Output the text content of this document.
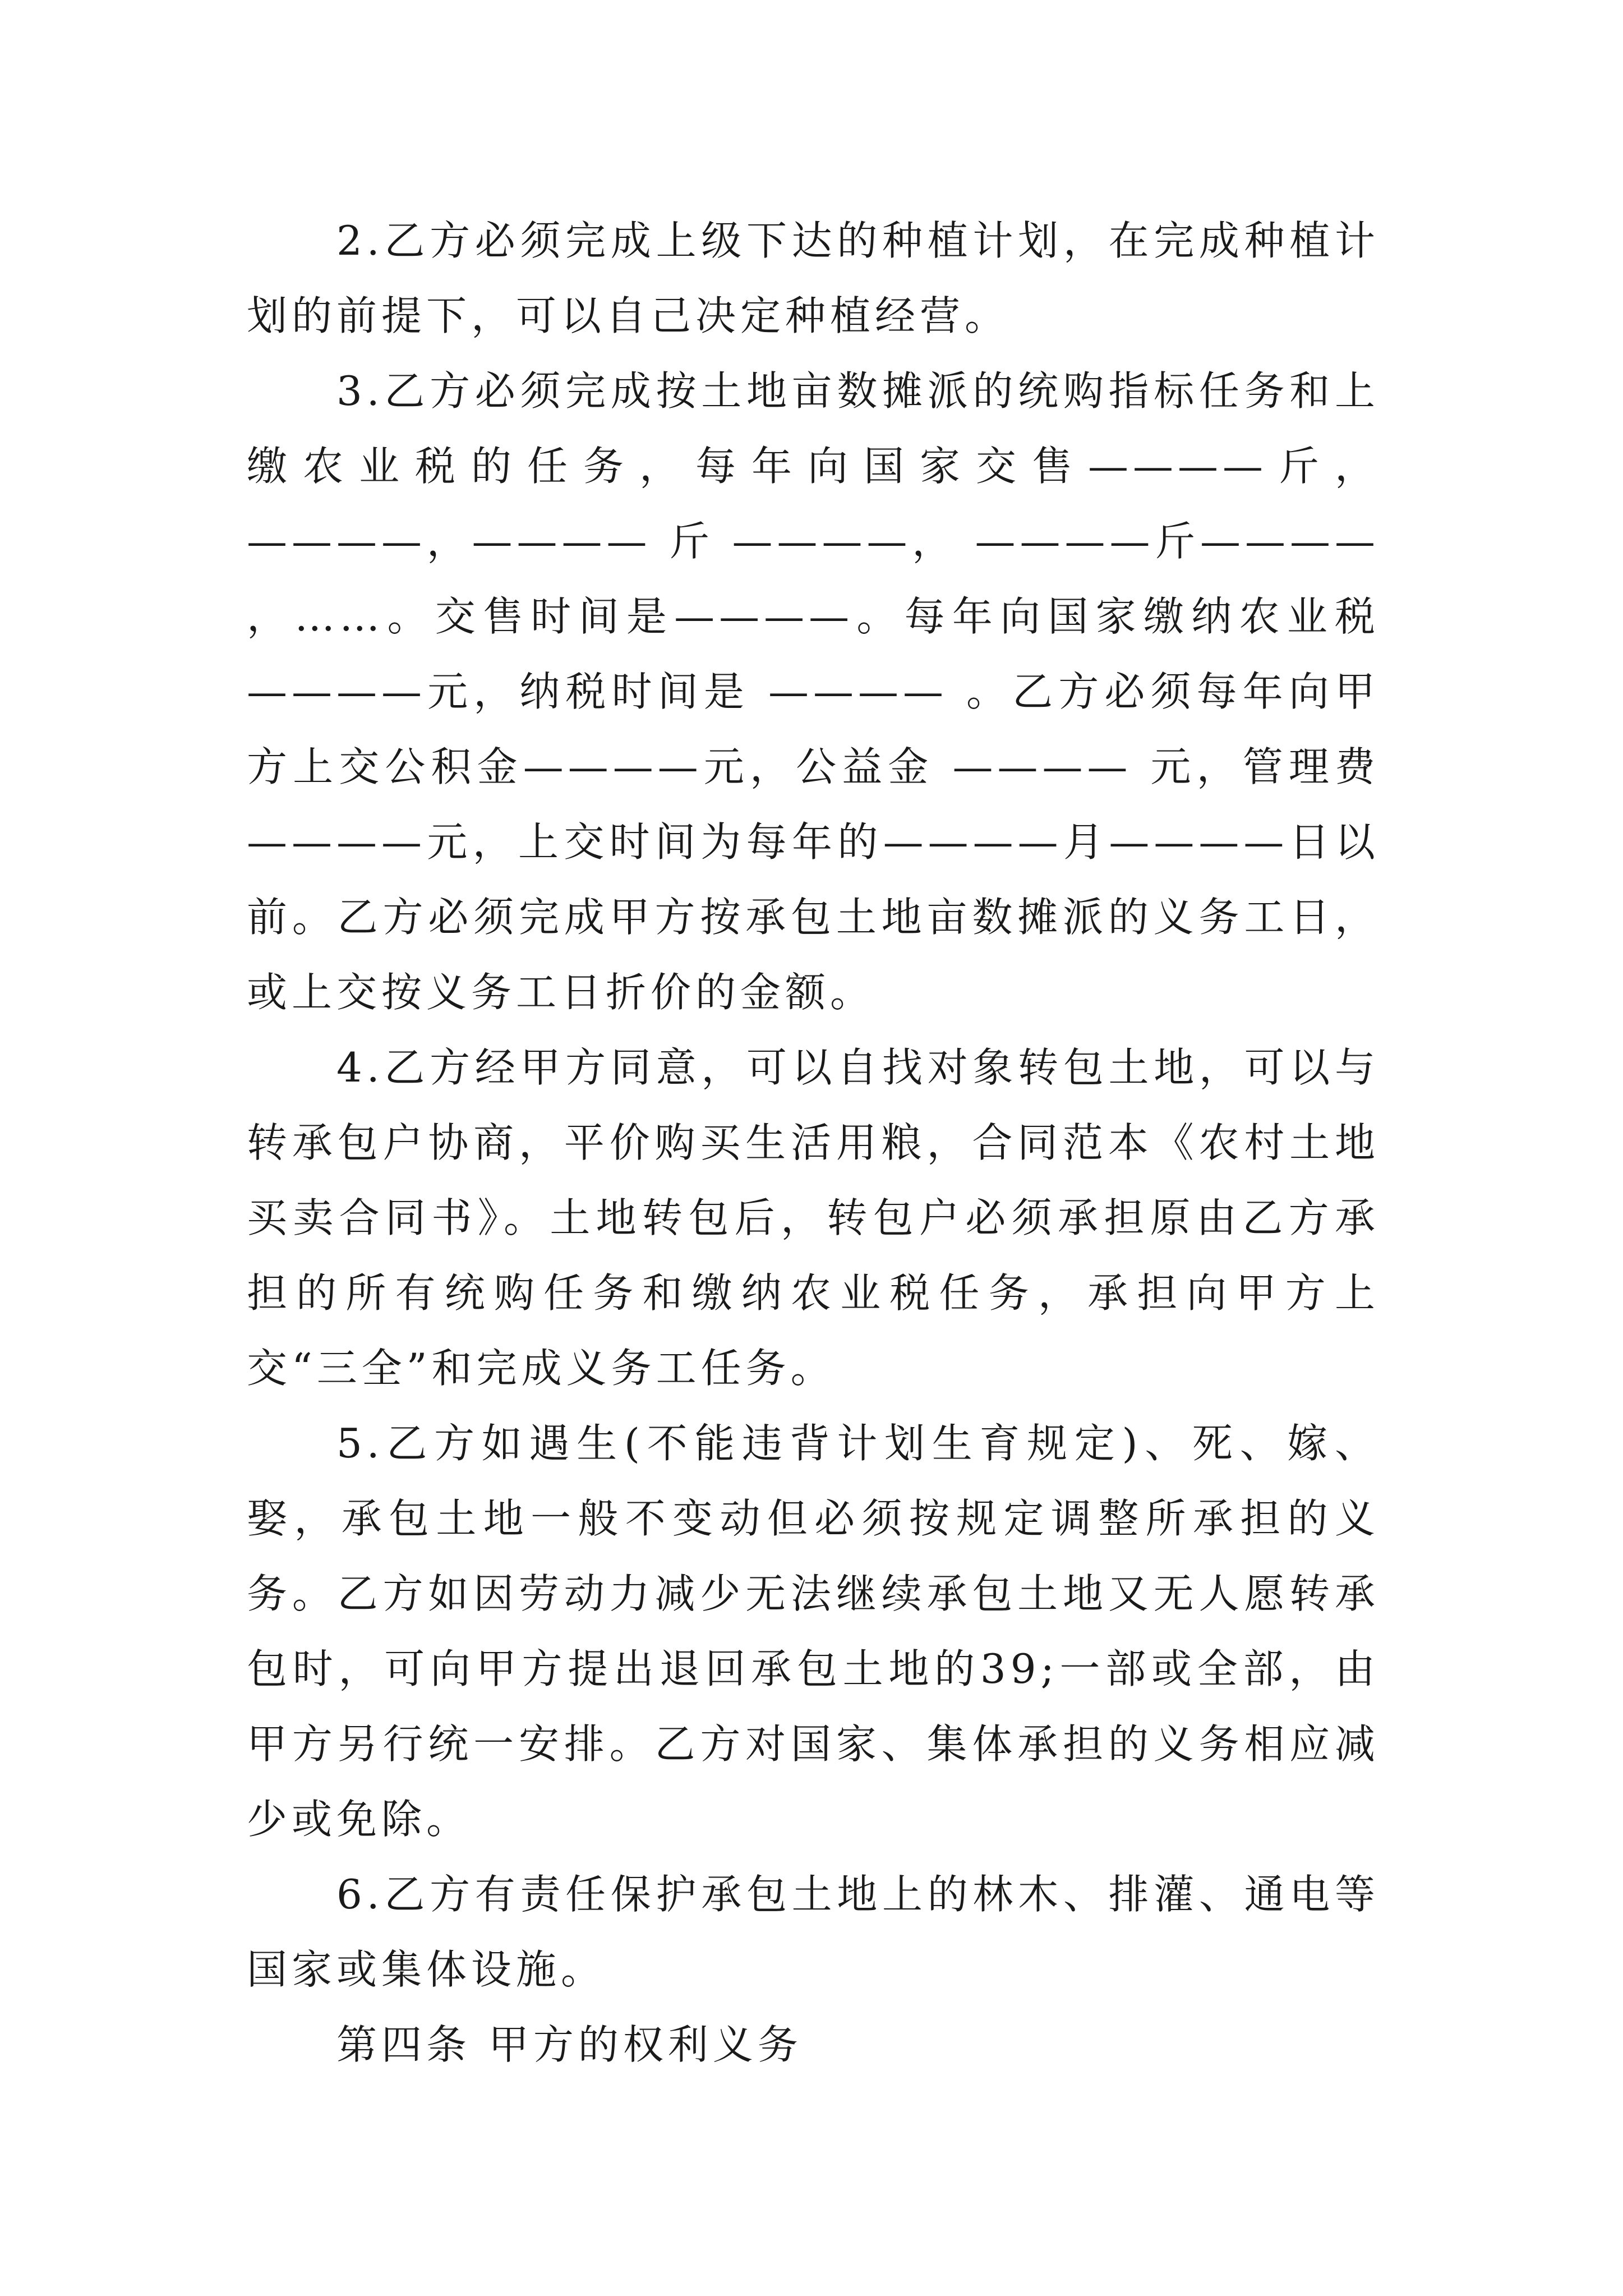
2.乙方必须完成上级下达的种植计划，在完成种植计划的前提下，可以自己决定种植经营。

3.乙方必须完成按土地亩数摊派的统购指标任务和上缴农业税的任务，每年向国家交售————斤， ————，———— 斤 ————， ————斤———— ，……。交售时间是————。每年向国家缴纳农业税 ————元，纳税时间是 ———— 。乙方必须每年向甲方上交公积金————元，公益金 ———— 元，管理费 ————元，上交时间为每年的————月————日以前。乙方必须完成甲方按承包土地亩数摊派的义务工日，或上交按义务工日折价的金额。

4.乙方经甲方同意，可以自找对象转包土地，可以与转承包户协商，平价购买生活用粮，合同范本《农村土地买卖合同书》。土地转包后，转包户必须承担原由乙方承担的所有统购任务和缴纳农业税任务，承担向甲方上交“三全”和完成义务工任务。

5.乙方如遇生(不能违背计划生育规定)、死、嫁、娶，承包土地一般不变动但必须按规定调整所承担的义务。乙方如因劳动力减少无法继续承包土地又无人愿转承包时，可向甲方提出退回承包土地的39;一部或全部，由甲方另行统一安排。乙方对国家、集体承担的义务相应减少或免除。

6.乙方有责任保护承包土地上的林木、排灌、通电等国家或集体设施。

第四条 甲方的权利义务
